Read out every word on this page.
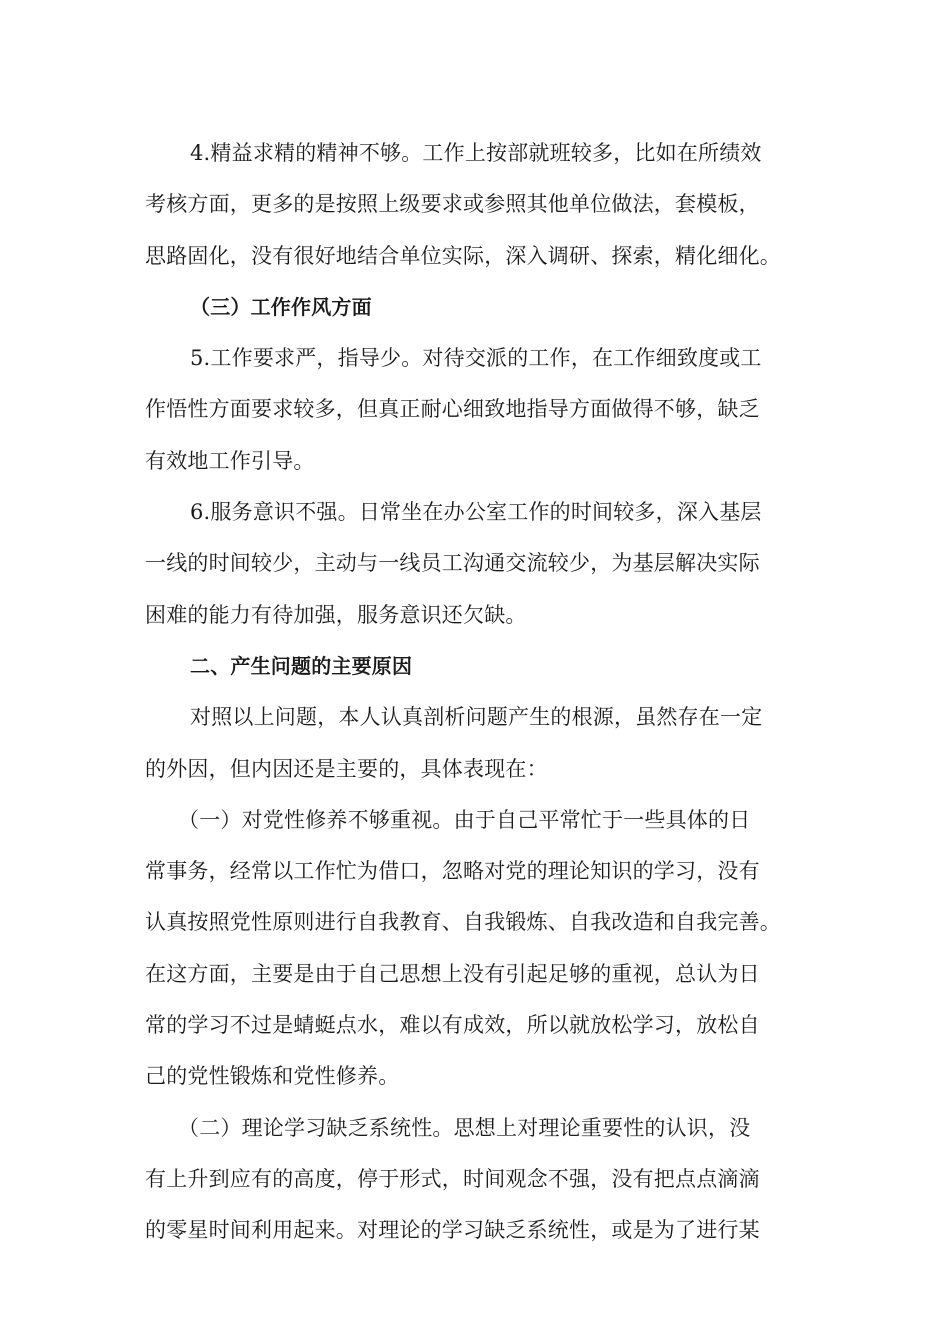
4.精益求精的精神不够。工作上按部就班较多，比如在所绩效
考核方面，更多的是按照上级要求或参照其他单位做法，套模板，
思路固化，没有很好地结合单位实际，深入调研、探索，精化细化。
（三）工作作风方面
5.工作要求严，指导少。对待交派的工作，在工作细致度或工
作悟性方面要求较多，但真正耐心细致地指导方面做得不够，缺乏
有效地工作引导。
6.服务意识不强。日常坐在办公室工作的时间较多，深入基层
一线的时间较少，主动与一线员工沟通交流较少，为基层解决实际
困难的能力有待加强，服务意识还欠缺。
二、产生问题的主要原因
对照以上问题，本人认真剖析问题产生的根源，虽然存在一定
的外因，但内因还是主要的，具体表现在：
（一）对党性修养不够重视。由于自己平常忙于一些具体的日
常事务，经常以工作忙为借口，忽略对党的理论知识的学习，没有
认真按照党性原则进行自我教育、自我锻炼、自我改造和自我完善。
在这方面，主要是由于自己思想上没有引起足够的重视，总认为日
常的学习不过是蜻蜓点水，难以有成效，所以就放松学习，放松自
己的党性锻炼和党性修养。
（二）理论学习缺乏系统性。思想上对理论重要性的认识，没
有上升到应有的高度，停于形式，时间观念不强，没有把点点滴滴
的零星时间利用起来。对理论的学习缺乏系统性，或是为了进行某
